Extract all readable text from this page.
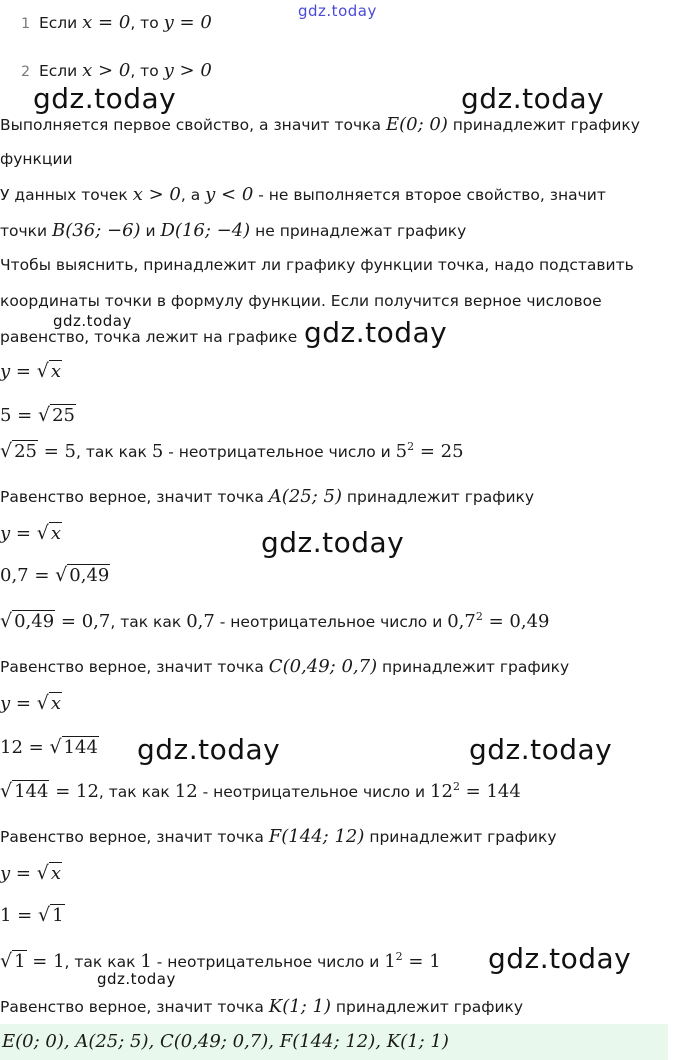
gdz.today
1 Если x = 0, то y = 0
2 Если x > 0, то y > 0
gdz.today	gdz.today
Выполняется первое свойство, а значит точка E(0; 0) принадлежит графику
функции
У данных точек x > 0, а y < 0 - не выполняется второе свойство, значит
точки B(36; −6) и D(16; −4) не принадлежат графику
Чтобы выяснить, принадлежит ли графику функции точка, надо подставить
координаты точки в формулу функции. Если получится верное числовое
gdz.today
равенство, точка лежит на графике gdz.today
y = √ x
5 = √ 25
√ 25 = 5, так как 5 - неотрицательное число и $5^2 = 25$
Равенство верное, значит точка A(25; 5) принадлежит графику
y = √ x	gdz.today
0,7 = √ 0,49
√ 0,49 = 0,7, так как 0,7 - неотрицательное число и $0,7^2 = 0,49$
Равенство верное, значит точка C(0,49; 0,7) принадлежит графику
y = √ x
12 = √ 144	gdz.today	gdz.today
√ 144 = 12, так как 12 - неотрицательное число и $12^2 = 144$
Равенство верное, значит точка F(144; 12) принадлежит графику
y = √ x
1 = √ 1
√ 1 = 1, так как 1 - неотрицательное число и $1^2 = 1$	gdz.today
gdz.today
Равенство верное, значит точка K(1; 1) принадлежит графику
E(0; 0), A(25; 5), C(0,49; 0,7), F(144; 12), K(1; 1)
